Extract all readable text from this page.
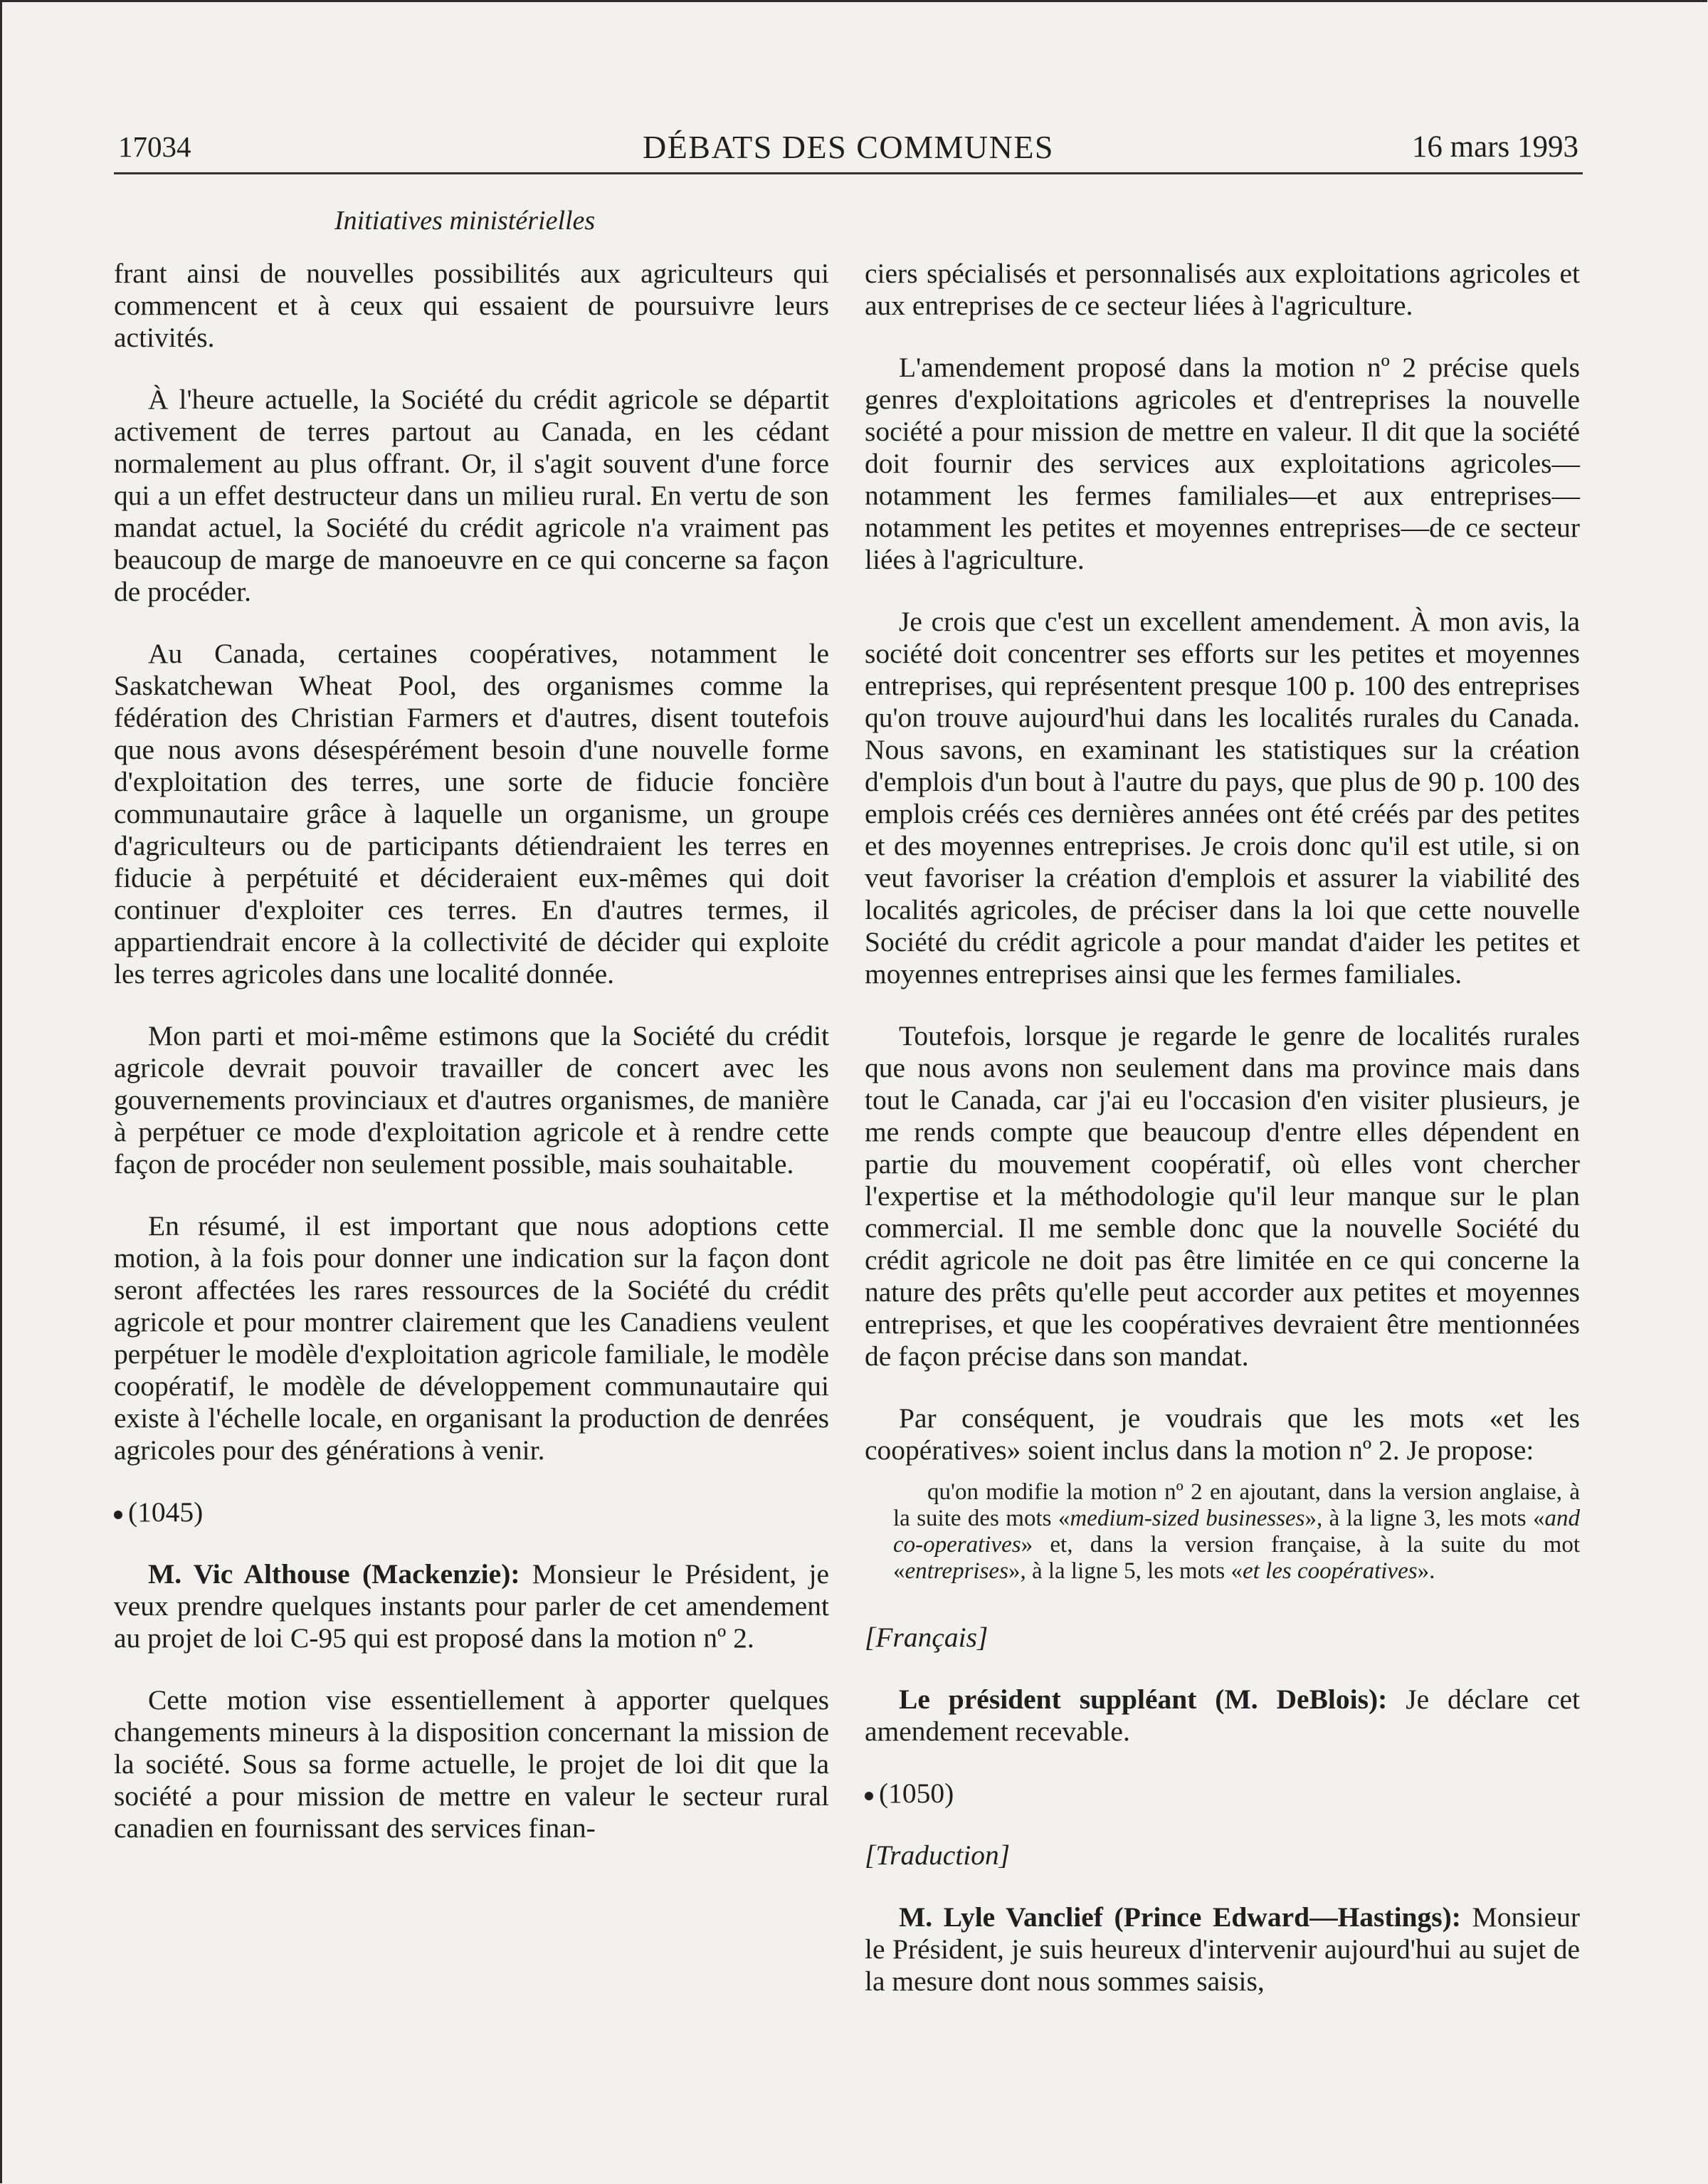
17034	DÉBATS DES COMMUNES	16 mars 1993
Initiatives ministérielles

frant ainsi de nouvelles possibilités aux agriculteurs qui commencent et à ceux qui essaient de poursuivre leurs activités.

À l'heure actuelle, la Société du crédit agricole se départit activement de terres partout au Canada, en les cédant normalement au plus offrant. Or, il s'agit souvent d'une force qui a un effet destructeur dans un milieu rural. En vertu de son mandat actuel, la Société du crédit agricole n'a vraiment pas beaucoup de marge de manoeuvre en ce qui concerne sa façon de procéder.

Au Canada, certaines coopératives, notamment le Saskatchewan Wheat Pool, des organismes comme la fédération des Christian Farmers et d'autres, disent toutefois que nous avons désespérément besoin d'une nouvelle forme d'exploitation des terres, une sorte de fiducie foncière communautaire grâce à laquelle un organisme, un groupe d'agriculteurs ou de participants détiendraient les terres en fiducie à perpétuité et décideraient eux-mêmes qui doit continuer d'exploiter ces terres. En d'autres termes, il appartiendrait encore à la collectivité de décider qui exploite les terres agricoles dans une localité donnée.

Mon parti et moi-même estimons que la Société du crédit agricole devrait pouvoir travailler de concert avec les gouvernements provinciaux et d'autres organismes, de manière à perpétuer ce mode d'exploitation agricole et à rendre cette façon de procéder non seulement possible, mais souhaitable.

En résumé, il est important que nous adoptions cette motion, à la fois pour donner une indication sur la façon dont seront affectées les rares ressources de la Société du crédit agricole et pour montrer clairement que les Canadiens veulent perpétuer le modèle d'exploitation agricole familiale, le modèle coopératif, le modèle de développement communautaire qui existe à l'échelle locale, en organisant la production de denrées agricoles pour des générations à venir.

(1045)

M. Vic Althouse (Mackenzie): Monsieur le Président, je veux prendre quelques instants pour parler de cet amendement au projet de loi C-95 qui est proposé dans la motion nº 2.

Cette motion vise essentiellement à apporter quelques changements mineurs à la disposition concernant la mission de la société. Sous sa forme actuelle, le projet de loi dit que la société a pour mission de mettre en valeur le secteur rural canadien en fournissant des services finan-

ciers spécialisés et personnalisés aux exploitations agricoles et aux entreprises de ce secteur liées à l'agriculture.

L'amendement proposé dans la motion nº 2 précise quels genres d'exploitations agricoles et d'entreprises la nouvelle société a pour mission de mettre en valeur. Il dit que la société doit fournir des services aux exploitations agricoles—notamment les fermes familiales—et aux entreprises—notamment les petites et moyennes entreprises—de ce secteur liées à l'agriculture.

Je crois que c'est un excellent amendement. À mon avis, la société doit concentrer ses efforts sur les petites et moyennes entreprises, qui représentent presque 100 p. 100 des entreprises qu'on trouve aujourd'hui dans les localités rurales du Canada. Nous savons, en examinant les statistiques sur la création d'emplois d'un bout à l'autre du pays, que plus de 90 p. 100 des emplois créés ces dernières années ont été créés par des petites et des moyennes entreprises. Je crois donc qu'il est utile, si on veut favoriser la création d'emplois et assurer la viabilité des localités agricoles, de préciser dans la loi que cette nouvelle Société du crédit agricole a pour mandat d'aider les petites et moyennes entreprises ainsi que les fermes familiales.

Toutefois, lorsque je regarde le genre de localités rurales que nous avons non seulement dans ma province mais dans tout le Canada, car j'ai eu l'occasion d'en visiter plusieurs, je me rends compte que beaucoup d'entre elles dépendent en partie du mouvement coopératif, où elles vont chercher l'expertise et la méthodologie qu'il leur manque sur le plan commercial. Il me semble donc que la nouvelle Société du crédit agricole ne doit pas être limitée en ce qui concerne la nature des prêts qu'elle peut accorder aux petites et moyennes entreprises, et que les coopératives devraient être mentionnées de façon précise dans son mandat.

Par conséquent, je voudrais que les mots «et les coopératives» soient inclus dans la motion nº 2. Je propose:

qu'on modifie la motion nº 2 en ajoutant, dans la version anglaise, à la suite des mots «medium-sized businesses», à la ligne 3, les mots «and co-operatives» et, dans la version française, à la suite du mot «entreprises», à la ligne 5, les mots «et les coopératives».

[Français]

Le président suppléant (M. DeBlois): Je déclare cet amendement recevable.

(1050)

[Traduction]

M. Lyle Vanclief (Prince Edward—Hastings): Monsieur le Président, je suis heureux d'intervenir aujourd'hui au sujet de la mesure dont nous sommes saisis,
